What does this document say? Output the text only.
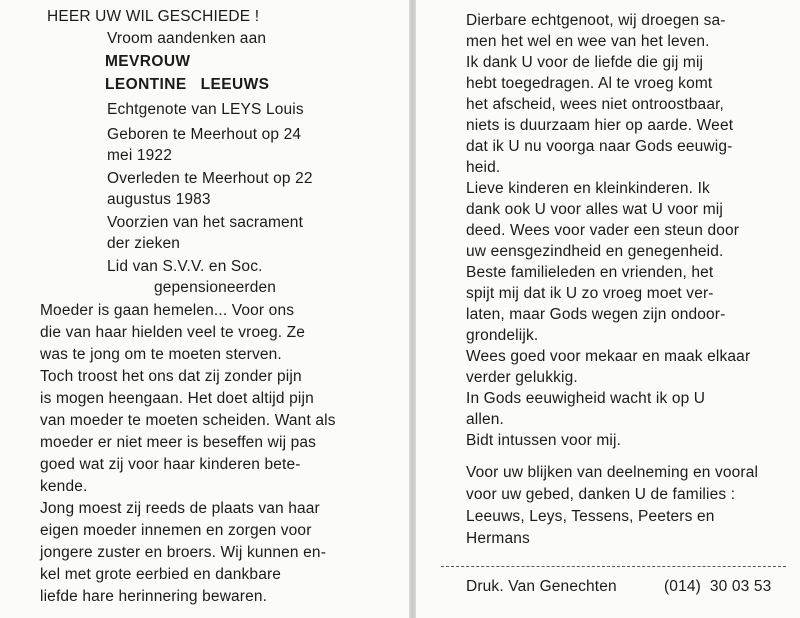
HEER UW WIL GESCHIEDE !
Vroom aandenken aan
MEVROUW
LEONTINE   LEEUWS
Echtgenote van LEYS Louis
Geboren te Meerhout op 24
mei 1922
Overleden te Meerhout op 22
augustus 1983
Voorzien van het sacrament
der zieken
Lid van S.V.V. en Soc.
gepensioneerden
Moeder is gaan hemelen... Voor ons
die van haar hielden veel te vroeg. Ze
was te jong om te moeten sterven.
Toch troost het ons dat zij zonder pijn
is mogen heengaan. Het doet altijd pijn
van moeder te moeten scheiden. Want als
moeder er niet meer is beseffen wij pas
goed wat zij voor haar kinderen bete-
kende.
Jong moest zij reeds de plaats van haar
eigen moeder innemen en zorgen voor
jongere zuster en broers. Wij kunnen en-
kel met grote eerbied en dankbare
liefde hare herinnering bewaren.
Dierbare echtgenoot, wij droegen sa-
men het wel en wee van het leven.
Ik dank U voor de liefde die gij mij
hebt toegedragen. Al te vroeg komt
het afscheid, wees niet ontroostbaar,
niets is duurzaam hier op aarde. Weet
dat ik U nu voorga naar Gods eeuwig-
heid.
Lieve kinderen en kleinkinderen. Ik
dank ook U voor alles wat U voor mij
deed. Wees voor vader een steun door
uw eensgezindheid en genegenheid.
Beste familieleden en vrienden, het
spijt mij dat ik U zo vroeg moet ver-
laten, maar Gods wegen zijn ondoor-
grondelijk.
Wees goed voor mekaar en maak elkaar
verder gelukkig.
In Gods eeuwigheid wacht ik op U
allen.
Bidt intussen voor mij.
Voor uw blijken van deelneming en vooral
voor uw gebed, danken U de families :
Leeuws, Leys, Tessens, Peeters en
Hermans
Druk. Van Genechten	(014)  30 03 53
